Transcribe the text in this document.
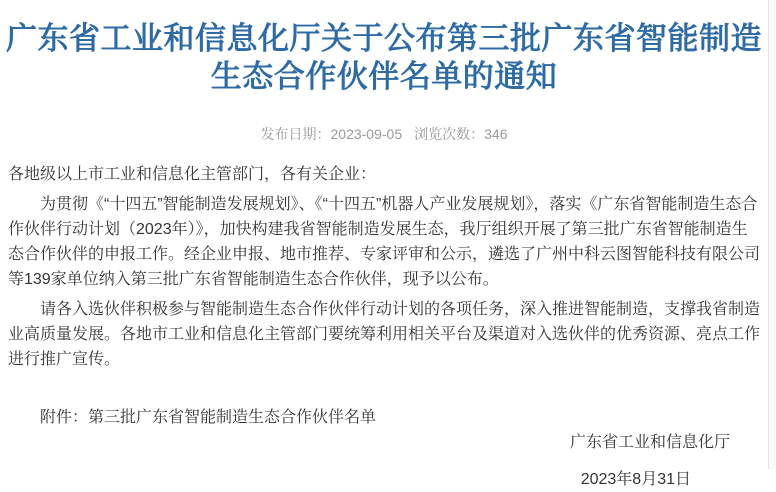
广东省工业和信息化厅关于公布第三批广东省智能制造生态合作伙伴名单的通知
发布日期：2023-09-05 浏览次数：346

各地级以上市工业和信息化主管部门，各有关企业：

为贯彻《“十四五”智能制造发展规划》、《“十四五”机器人产业发展规划》，落实《广东省智能制造生态合作伙伴行动计划（2023年）》，加快构建我省智能制造发展生态，我厅组织开展了第三批广东省智能制造生态合作伙伴的申报工作。经企业申报、地市推荐、专家评审和公示，遴选了广州中科云图智能科技有限公司等139家单位纳入第三批广东省智能制造生态合作伙伴，现予以公布。

请各入选伙伴积极参与智能制造生态合作伙伴行动计划的各项任务，深入推进智能制造，支撑我省制造业高质量发展。各地市工业和信息化主管部门要统筹利用相关平台及渠道对入选伙伴的优秀资源、亮点工作进行推广宣传。

附件：第三批广东省智能制造生态合作伙伴名单

广东省工业和信息化厅
2023年8月31日
